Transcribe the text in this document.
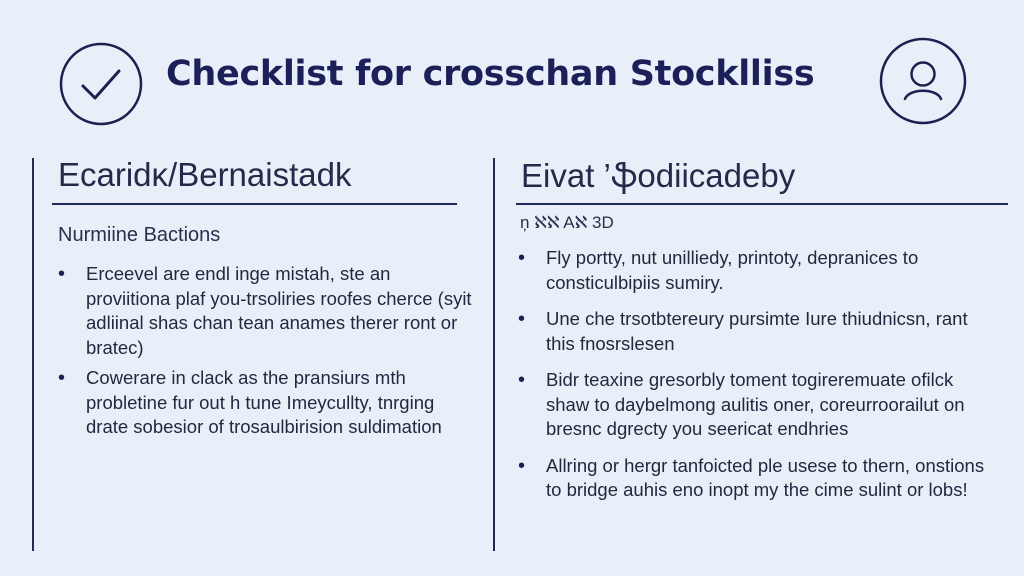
Checklist for crosschan Stocklliss
Ecaridĸ/Bernaistadk

Nurmiine Bactions

• Erceevel are endl inge mistah, ste an proviitiona plaf you-trsoliries roofes cherce (syit adliinal shas chan tean anames therer ront or bratec)
• Cowerare in clack as the pransiurs mth probletine fur out h tune Imeycullty, tnrging drate sobesior of trosaulbirision suldimation
Eivat ’ֆodiicadeby

ņ ℵℵ Aℵ 3D

• Fly portty, nut unilliedy, printoty, depranices to consticulbipiis sumiry.
• Une che trsotbtereury pursimte Iure thiudnicsn, rant this fnosrslesen
• Bidr teaxine gresorbly toment togireremuate ofilck shaw to daybelmong aulitis oner, coreurroorailut on bresnc dgrecty you seericat endhries
• Allring or hergr tanfoicted ple usese to thern, onstions to bridge auhis eno inopt my the cime sulint or lobs!
